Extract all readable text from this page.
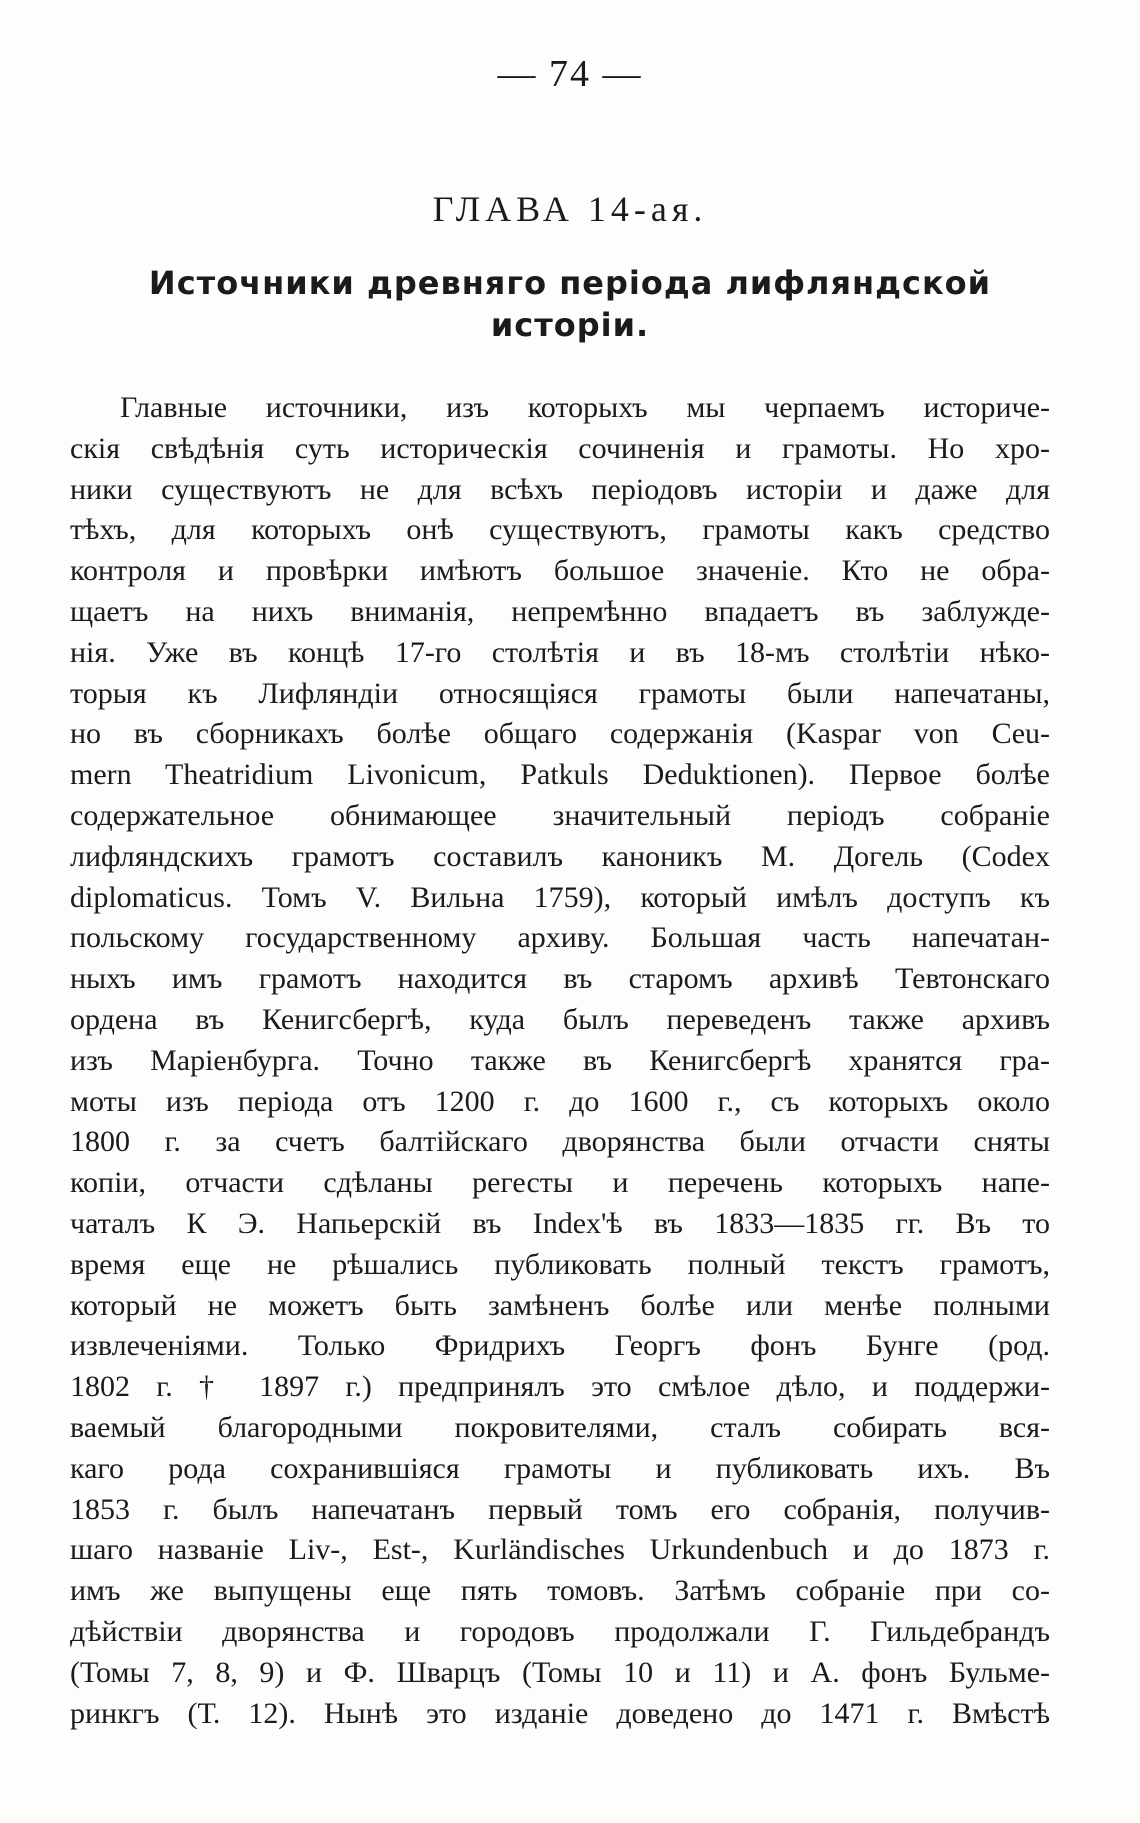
— 74 —
ГЛАВА 14-ая.
Источники древняго періода лифляндской
исторіи.
Главные источники, изъ которыхъ мы черпаемъ историче-
скія свѣдѣнія суть историческія сочиненія и грамоты. Но хро-
ники существуютъ не для всѣхъ періодовъ исторіи и даже для
тѣхъ, для которыхъ онѣ существуютъ, грамоты какъ средство
контроля и провѣрки имѣютъ большое значеніе. Кто не обра-
щаетъ на нихъ вниманія, непремѣнно впадаетъ въ заблужде-
нія. Уже въ концѣ 17-го столѣтія и въ 18-мъ столѣтіи нѣко-
торыя къ Лифляндіи относящіяся грамоты были напечатаны,
но въ сборникахъ болѣе общаго содержанія (Kaspar von Ceu-
mern Theatridium Livonicum, Patkuls Deduktionen). Первое болѣе
содержательное обнимающее значительный періодъ собраніе
лифляндскихъ грамотъ составилъ каноникъ М. Догель (Codex
diplomaticus. Томъ V. Вильна 1759), который имѣлъ доступъ къ
польскому государственному архиву. Большая часть напечатан-
ныхъ имъ грамотъ находится въ старомъ архивѣ Тевтонскаго
ордена въ Кенигсбергѣ, куда былъ переведенъ также архивъ
изъ Маріенбурга. Точно также въ Кенигсбергѣ хранятся гра-
моты изъ періода отъ 1200 г. до 1600 г., съ которыхъ около
1800 г. за счетъ балтійскаго дворянства были отчасти сняты
копіи, отчасти сдѣланы регесты и перечень которыхъ напе-
чаталъ К Э. Напьерскій въ Index'ѣ въ 1833—1835 гг. Въ то
время еще не рѣшались публиковать полный текстъ грамотъ,
который не можетъ быть замѣненъ болѣе или менѣе полными
извлеченіями. Только Фридрихъ Георгъ фонъ Бунге (род.
1802 г. † 1897 г.) предпринялъ это смѣлое дѣло, и поддержи-
ваемый благородными покровителями, сталъ собирать вся-
каго рода сохранившіяся грамоты и публиковать ихъ. Въ
1853 г. былъ напечатанъ первый томъ его собранія, получив-
шаго названіе Liv-, Est-, Kurländisches Urkundenbuch и до 1873 г.
имъ же выпущены еще пять томовъ. Затѣмъ собраніе при со-
дѣйствіи дворянства и городовъ продолжали Г. Гильдебрандъ
(Томы 7, 8, 9) и Ф. Шварцъ (Томы 10 и 11) и А. фонъ Бульме-
ринкгъ (Т. 12). Нынѣ это изданіе доведено до 1471 г. Вмѣстѣ
